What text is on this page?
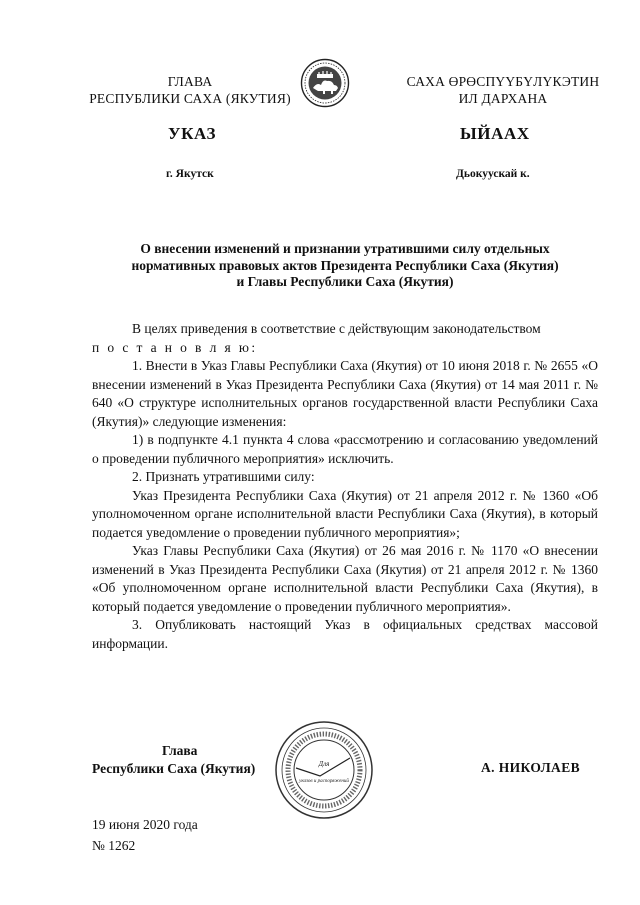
ГЛАВА
РЕСПУБЛИКИ САХА (ЯКУТИЯ)
САХА ӨРӨСПҮҮБҮЛҮКЭТИН
ИЛ ДАРХАНА
УКАЗ	ЫЙААХ
г. Якутск	Дьокуускай к.
О внесении изменений и признании утратившими силу отдельных
нормативных правовых актов Президента Республики Саха (Якутия)
и Главы Республики Саха (Якутия)

В целях приведения в соответствие с действующим законодательством

п о с т а н о в л я ю:

1. Внести в Указ Главы Республики Саха (Якутия) от 10 июня 2018 г. № 2655 «О внесении изменений в Указ Президента Республики Саха (Якутия) от 14 мая 2011 г. № 640 «О структуре исполнительных органов государственной власти Республики Саха (Якутия)» следующие изменения:

1) в подпункте 4.1 пункта 4 слова «рассмотрению и согласованию уведомлений о проведении публичного мероприятия» исключить.

2. Признать утратившими силу:

Указ Президента Республики Саха (Якутия) от 21 апреля 2012 г. № 1360 «Об уполномоченном органе исполнительной власти Республики Саха (Якутия), в который подается уведомление о проведении публичного мероприятия»;

Указ Главы Республики Саха (Якутия) от 26 мая 2016 г. № 1170 «О внесении изменений в Указ Президента Республики Саха (Якутия) от 21 апреля 2012 г. № 1360 «Об уполномоченном органе исполнительной власти Республики Саха (Якутия), в который подается уведомление о проведении публичного мероприятия».

3. Опубликовать настоящий Указ в официальных средствах массовой информации.

Глава
Республики Саха (Якутия)	Для
указов и распоряжений
А. НИКОЛАЕВ
19 июня 2020 года
№ 1262
